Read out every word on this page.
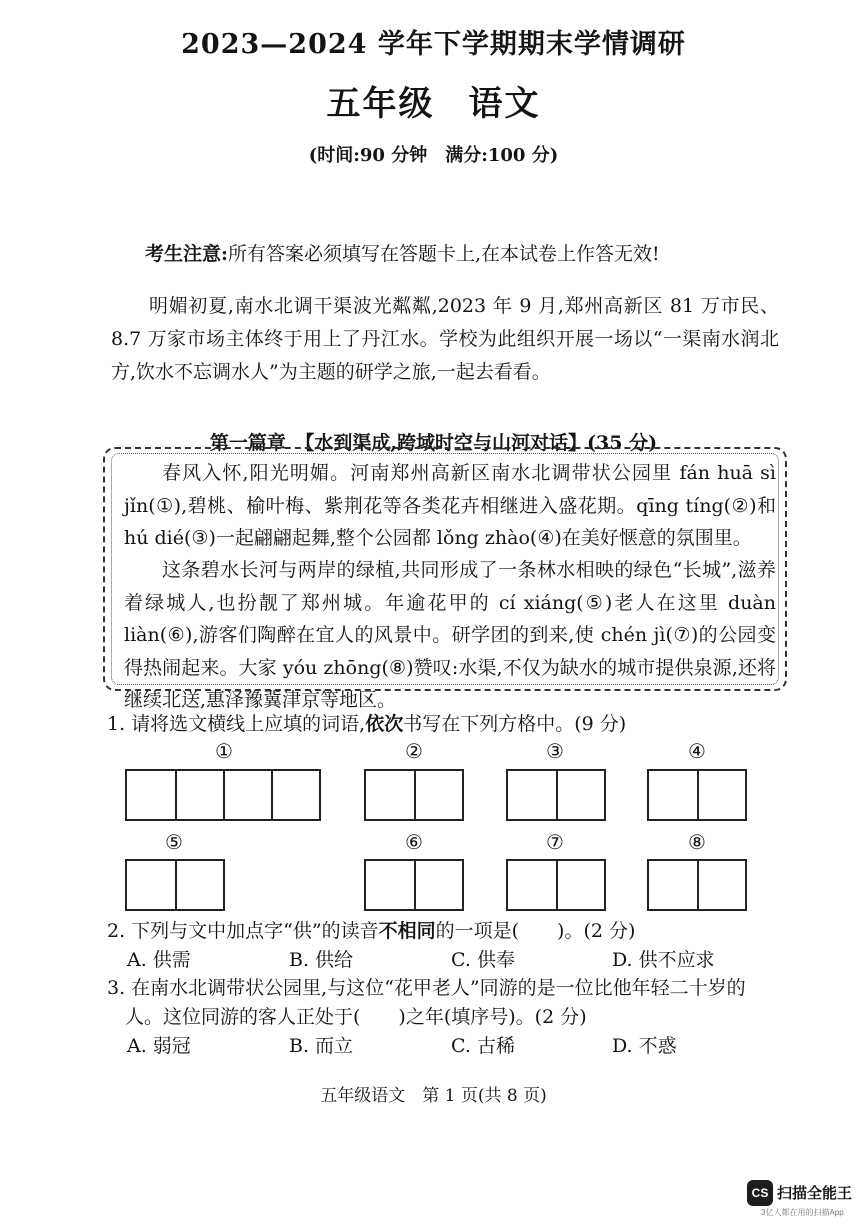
2023—2024 学年下学期期末学情调研
五年级 语文
(时间:90 分钟　满分:100 分)
考生注意:所有答案必须填写在答题卡上,在本试卷上作答无效!
明媚初夏,南水北调干渠波光粼粼,2023 年 9 月,郑州高新区 81 万市民、8.7 万家市场主体终于用上了丹江水。学校为此组织开展一场以“一渠南水润北方,饮水不忘调水人”为主题的研学之旅,一起去看看。
第一篇章　【水到渠成,跨域时空与山河对话】(35 分)
春风入怀,阳光明媚。河南郑州高新区南水北调带状公园里 fán huā sì jǐn(①),碧桃、榆叶梅、紫荆花等各类花卉相继进入盛花期。qīng tíng(②)和 hú dié(③)一起翩翩起舞,整个公园都 lǒng zhào(④)在美好惬意的氛围里。
这条碧水长河与两岸的绿植,共同形成了一条林水相映的绿色“长城”,滋养着绿城人,也扮靓了郑州城。年逾花甲的 cí xiáng(⑤)老人在这里 duàn liàn(⑥),游客们陶醉在宜人的风景中。研学团的到来,使 chén jì(⑦)的公园变得热闹起来。大家 yóu zhōng(⑧)赞叹:水渠,不仅为缺水的城市提供泉源,还将继续北送,惠泽豫冀津京等地区。
1. 请将选文横线上应填的词语,依次书写在下列方格中。(9 分)
①	②	③	④
⑤	⑥	⑦	⑧
2. 下列与文中加点字“供”的读音不相同的一项是(　　)。(2 分)
A. 供需	B. 供给	C. 供奉	D. 供不应求
3. 在南水北调带状公园里,与这位“花甲老人”同游的是一位比他年轻二十岁的
人。这位同游的客人正处于(　　)之年(填序号)。(2 分)
A. 弱冠	B. 而立	C. 古稀	D. 不惑
五年级语文　第 1 页(共 8 页)
CS 扫描全能王
3亿人都在用的扫描App
